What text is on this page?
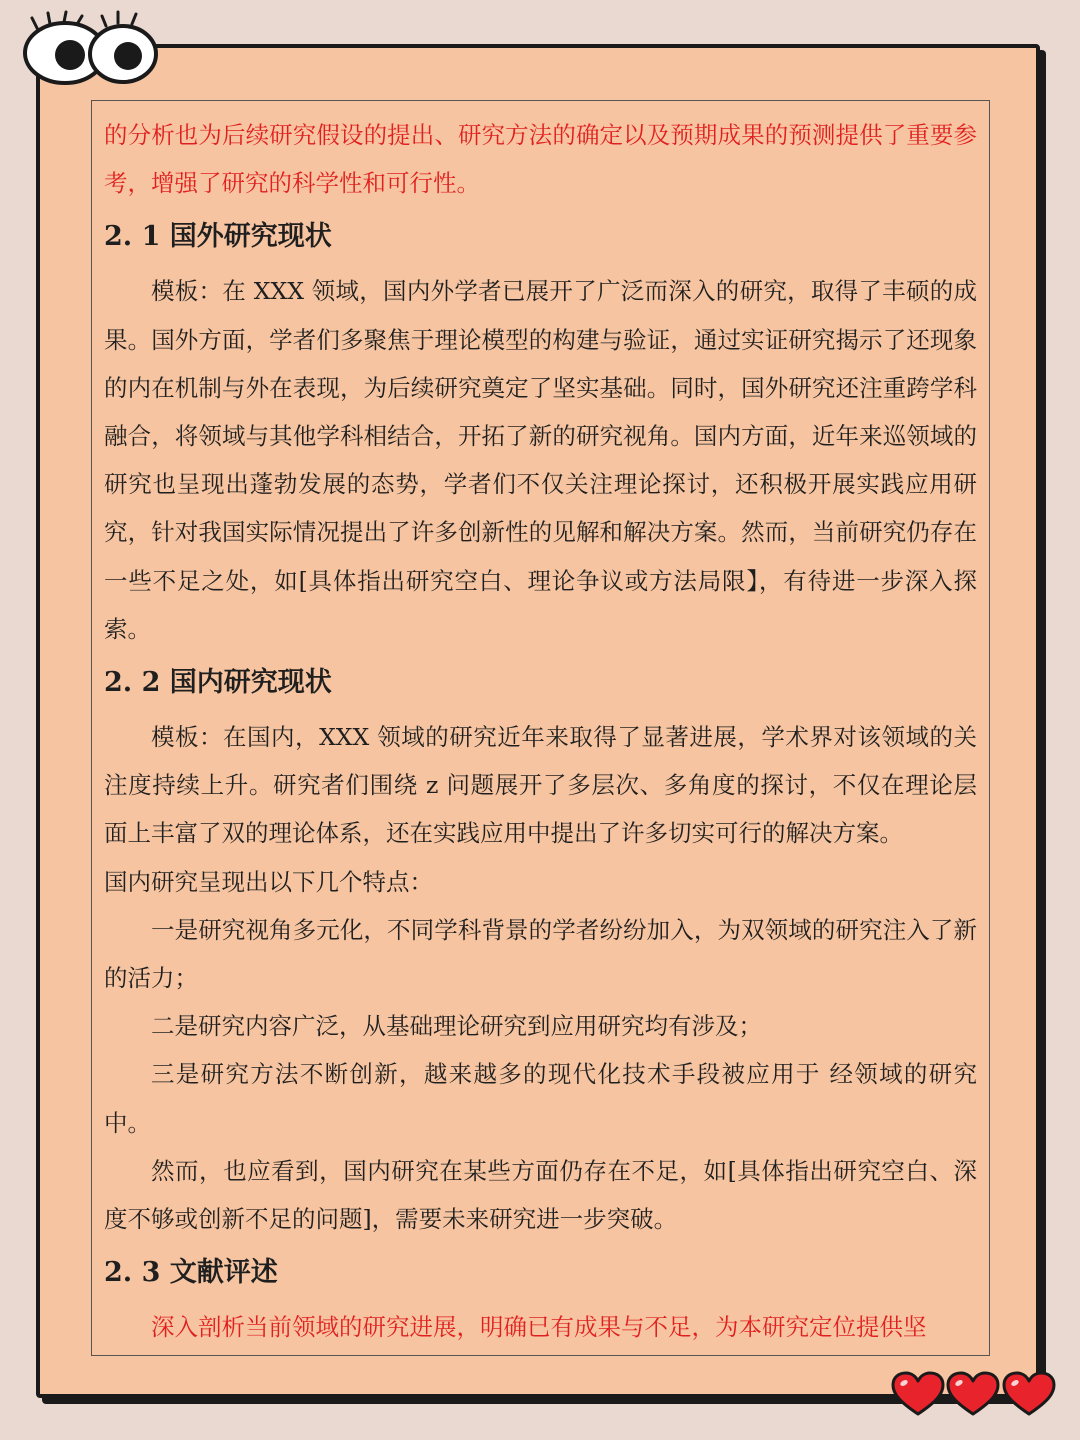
的分析也为后续研究假设的提出、研究方法的确定以及预期成果的预测提供了重要参考，增强了研究的科学性和可行性。

2. 1 国外研究现状

模板：在 XXX 领域，国内外学者已展开了广泛而深入的研究，取得了丰硕的成果。国外方面，学者们多聚焦于理论模型的构建与验证，通过实证研究揭示了还现象的内在机制与外在表现，为后续研究奠定了坚实基础。同时，国外研究还注重跨学科融合，将领域与其他学科相结合，开拓了新的研究视角。国内方面，近年来巡领域的研究也呈现出蓬勃发展的态势，学者们不仅关注理论探讨，还积极开展实践应用研究，针对我国实际情况提出了许多创新性的见解和解决方案。然而，当前研究仍存在一些不足之处，如[具体指出研究空白、理论争议或方法局限】，有待进一步深入探索。

2. 2 国内研究现状

模板：在国内，XXX 领域的研究近年来取得了显著进展，学术界对该领域的关注度持续上升。研究者们围绕 z 问题展开了多层次、多角度的探讨，不仅在理论层面上丰富了双的理论体系，还在实践应用中提出了许多切实可行的解决方案。

国内研究呈现出以下几个特点：

一是研究视角多元化，不同学科背景的学者纷纷加入，为双领域的研究注入了新的活力；

二是研究内容广泛，从基础理论研究到应用研究均有涉及；

三是研究方法不断创新，越来越多的现代化技术手段被应用于 经领域的研究中。

然而，也应看到，国内研究在某些方面仍存在不足，如[具体指出研究空白、深度不够或创新不足的问题]，需要未来研究进一步突破。

2. 3 文献评述

深入剖析当前领域的研究进展，明确已有成果与不足，为本研究定位提供坚
